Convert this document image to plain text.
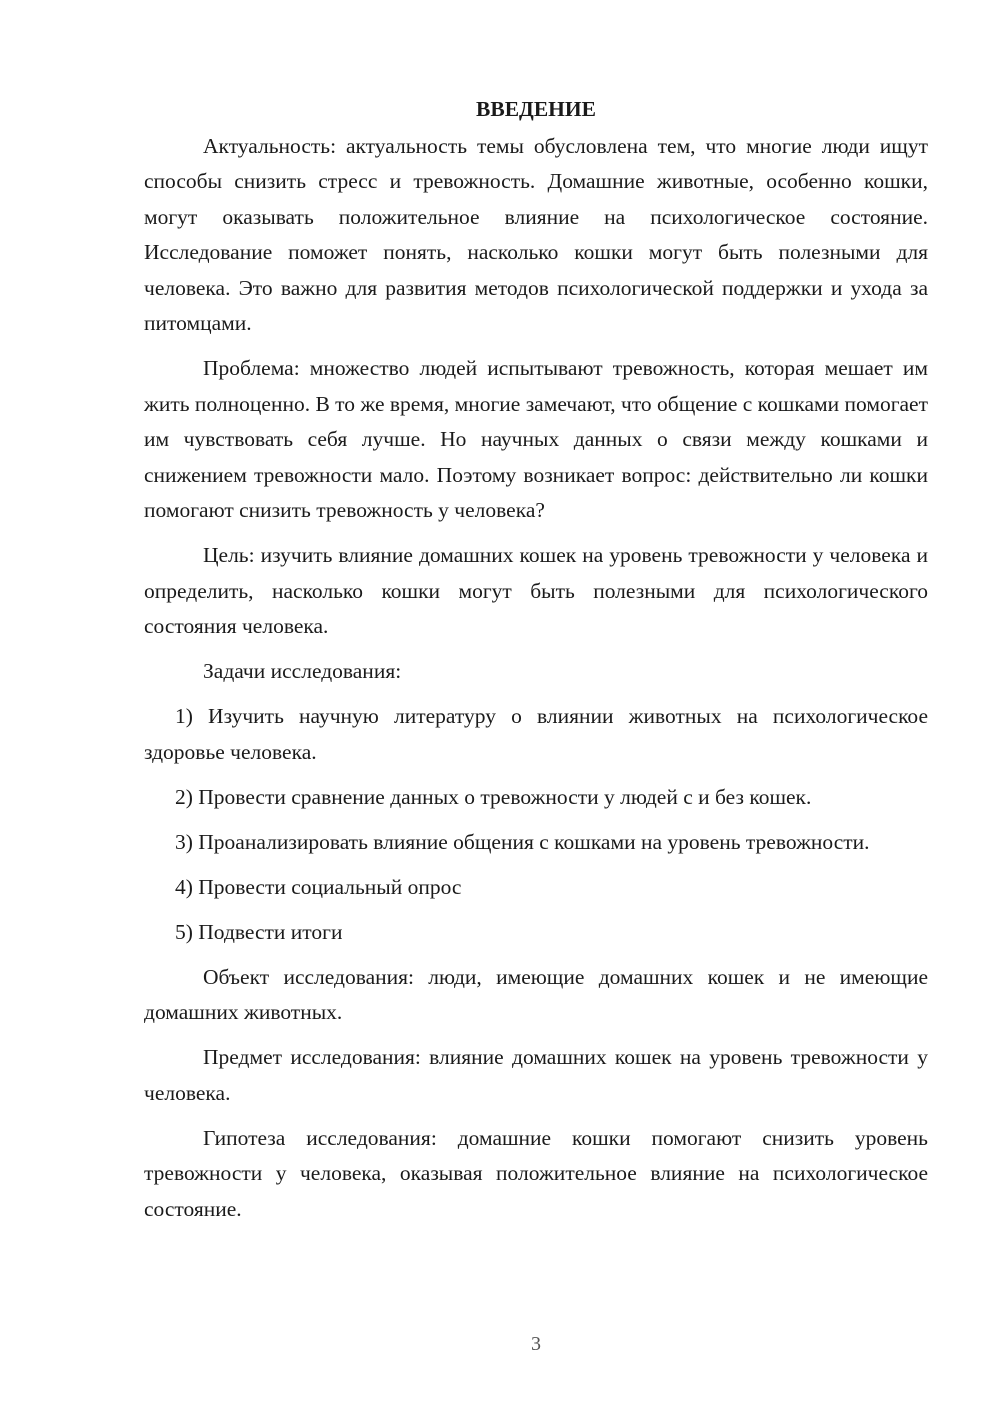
ВВЕДЕНИЕ

Актуальность: актуальность темы обусловлена тем, что многие люди ищут способы снизить стресс и тревожность. Домашние животные, особенно кошки, могут оказывать положительное влияние на психологическое состояние. Исследование поможет понять, насколько кошки могут быть полезными для человека. Это важно для развития методов психологической поддержки и ухода за питомцами.

Проблема: множество людей испытывают тревожность, которая мешает им жить полноценно. В то же время, многие замечают, что общение с кошками помогает им чувствовать себя лучше. Но научных данных о связи между кошками и снижением тревожности мало. Поэтому возникает вопрос: действительно ли кошки помогают снизить тревожность у человека?

Цель: изучить влияние домашних кошек на уровень тревожности у человека и определить, насколько кошки могут быть полезными для психологического состояния человека.

Задачи исследования:

1) Изучить научную литературу о влиянии животных на психологическое здоровье человека.

2) Провести сравнение данных о тревожности у людей с и без кошек.

3) Проанализировать влияние общения с кошками на уровень тревожности.

4) Провести социальный опрос

5) Подвести итоги

Объект исследования: люди, имеющие домашних кошек и не имеющие домашних животных.

Предмет исследования: влияние домашних кошек на уровень тревожности у человека.

Гипотеза исследования: домашние кошки помогают снизить уровень тревожности у человека, оказывая положительное влияние на психологическое состояние.

3
